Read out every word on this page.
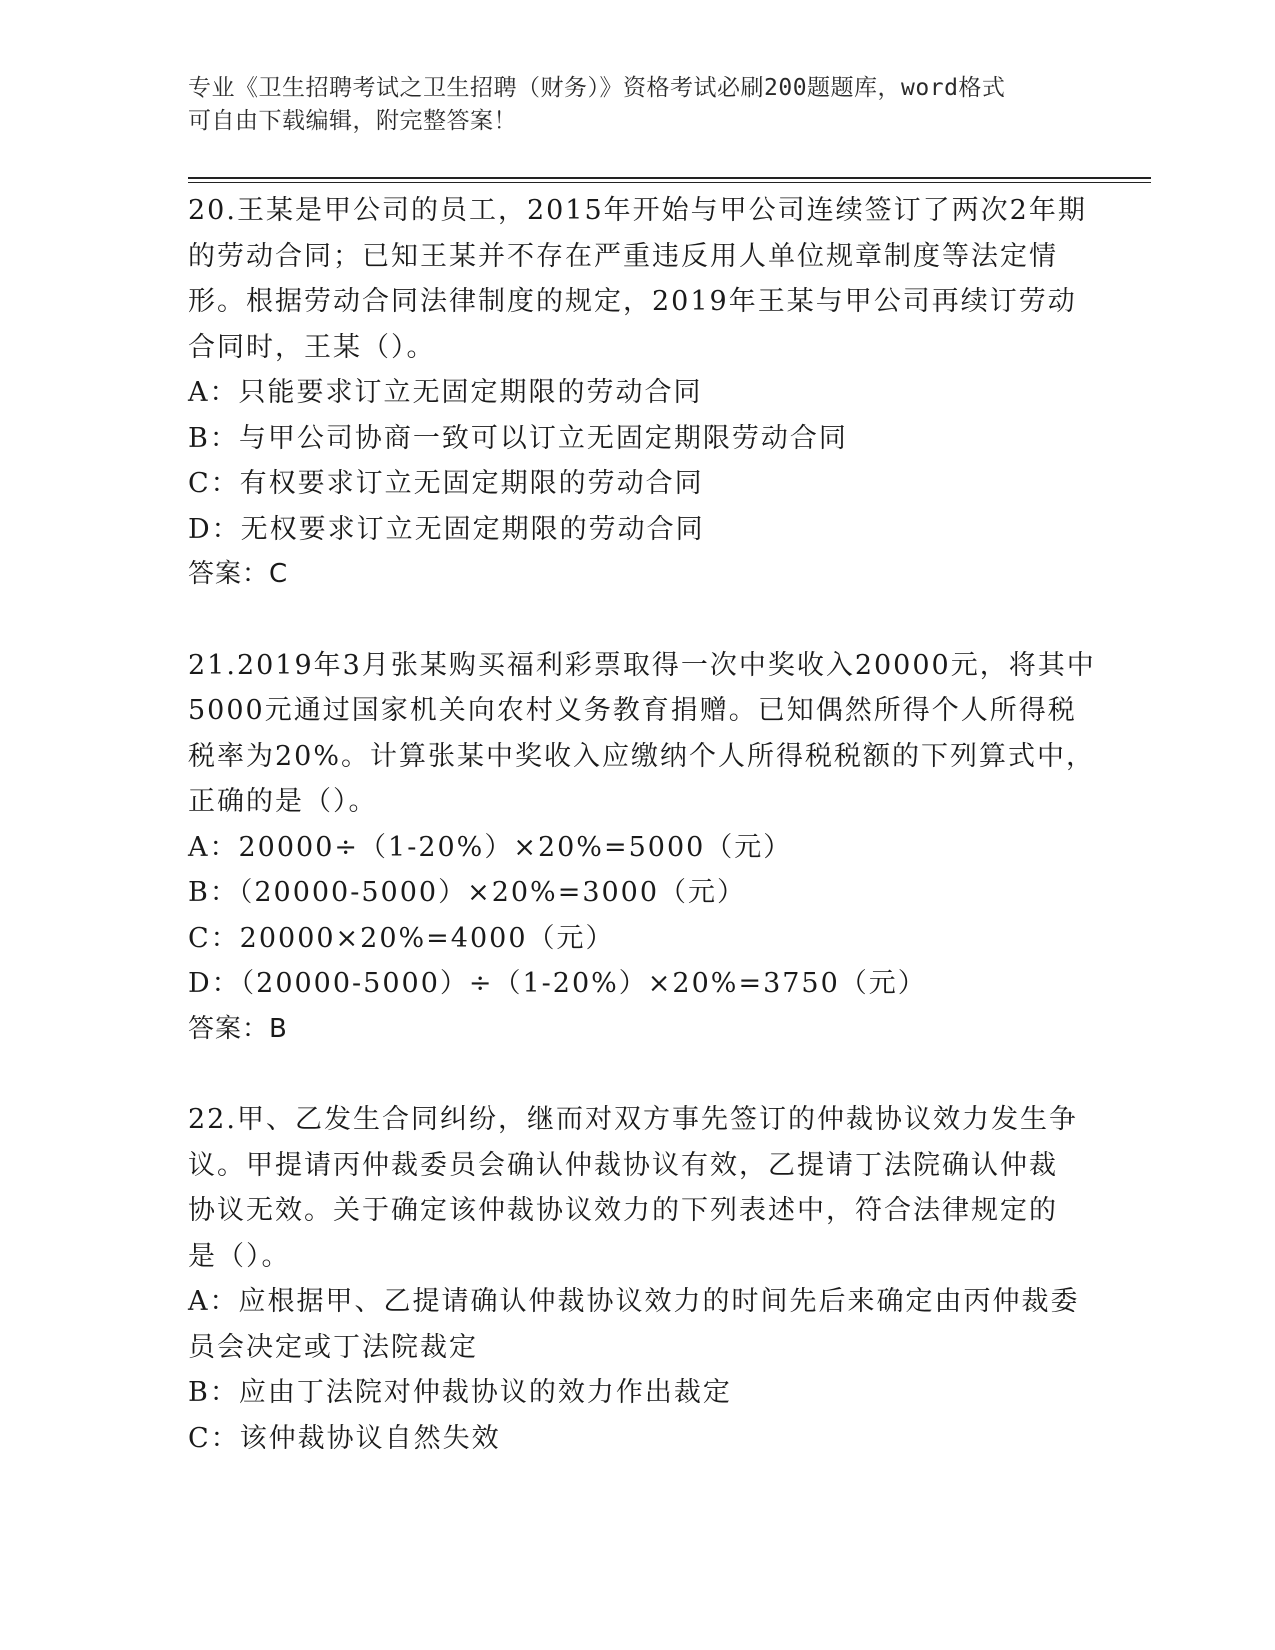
专业《卫生招聘考试之卫生招聘（财务）》资格考试必刷200题题库，word格式
可自由下载编辑，附完整答案！
20.王某是甲公司的员工，2015年开始与甲公司连续签订了两次2年期
的劳动合同；已知王某并不存在严重违反用人单位规章制度等法定情
形。根据劳动合同法律制度的规定，2019年王某与甲公司再续订劳动
合同时，王某（）。
A：只能要求订立无固定期限的劳动合同
B：与甲公司协商一致可以订立无固定期限劳动合同
C：有权要求订立无固定期限的劳动合同
D：无权要求订立无固定期限的劳动合同
答案：C
21.2019年3月张某购买福利彩票取得一次中奖收入20000元，将其中
5000元通过国家机关向农村义务教育捐赠。已知偶然所得个人所得税
税率为20%。计算张某中奖收入应缴纳个人所得税税额的下列算式中，
正确的是（）。
A：20000÷（1-20%）×20%=5000（元）
B：（20000-5000）×20%=3000（元）
C：20000×20%=4000（元）
D：（20000-5000）÷（1-20%）×20%=3750（元）
答案：B
22.甲、乙发生合同纠纷，继而对双方事先签订的仲裁协议效力发生争
议。甲提请丙仲裁委员会确认仲裁协议有效，乙提请丁法院确认仲裁
协议无效。关于确定该仲裁协议效力的下列表述中，符合法律规定的
是（）。
A：应根据甲、乙提请确认仲裁协议效力的时间先后来确定由丙仲裁委
员会决定或丁法院裁定
B：应由丁法院对仲裁协议的效力作出裁定
C：该仲裁协议自然失效
